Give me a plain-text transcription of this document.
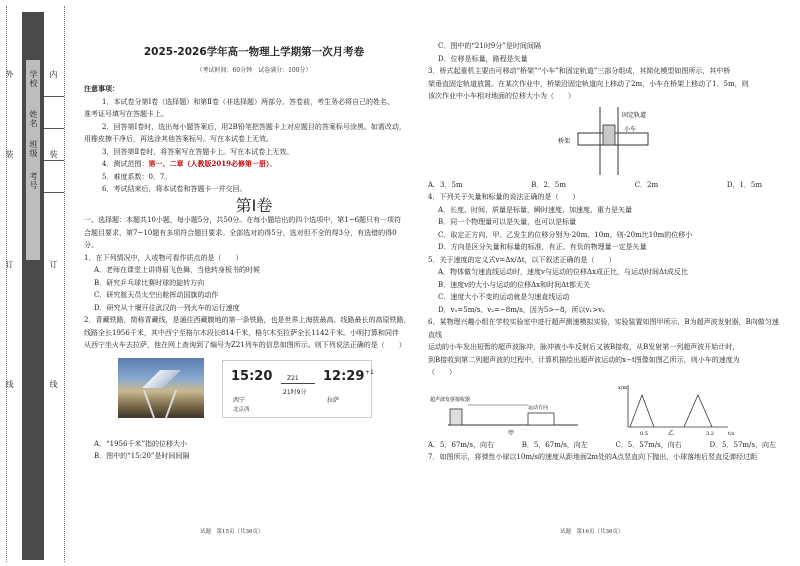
外
装
订
线
内
装
订
线
学校
姓名
班级
考号
2025-2026学年高一物理上学期第一次月考卷
（考试时间：60分钟　试卷满分：100分）
注意事项：
1．本试卷分第Ⅰ卷（选择题）和第Ⅱ卷（非选择题）两部分。答卷前，考生务必将自己的姓名、
准考证号填写在答题卡上。
2．回答第Ⅰ卷时，选出每小题答案后，用2B铅笔把答题卡上对应题目的答案标号涂黑。如需改动，
用橡皮擦干净后，再选涂其他答案标号。写在本试卷上无效。
3．回答第Ⅱ卷时，将答案写在答题卡上。写在本试卷上无效。
4．测试范围：第一、二章（人教版2019必修第一册）。
5．难度系数：0．7。
6．考试结束后，将本试卷和答题卡一并交回。
第Ⅰ卷
一、选择题：本题共10小题，每小题5分，共50分。在每小题给出的四个选项中，第1~6题只有一项符
合题目要求，第7~10题有多项符合题目要求。全部选对的得5分，选对但不全的得3分，有选错的得0
分。
1．在下列情况中，人或物可看作质点的是（　　）
A．老师在课堂上讲得眉飞色舞，当他转身板书的时候
B．研究乒乓球比赛时球的旋转方向
C．研究航天员太空出舱挥动国旗的动作
D．研究从十堰开往武汉的一列火车的运行速度
2．青藏铁路，简称青藏线，是通往西藏腹地的第一条铁路，也是世界上海拔最高、线路最长的高原铁路，
线路全长1956千米，其中西宁至格尔木段长814千米，格尔木至拉萨全长1142千米。小明打算和同伴
从西宁坐火车去拉萨，他在网上查询到了编号为Z21列车的信息如图所示。则下列说法正确的是（　　）
15:20 Z21
21时9分
12:29 +1
西宁	拉萨
北京西
A．“1956千米”指的位移大小
B．图中的“15:20”是时间间隔
试题　第15页（共36页）
C．图中的“21时9分”是时间间隔
D．位移是标量，路程是矢量
3．桥式起重机主要由可移动“桥架”“小车”和固定轨道”三部分组成，其简化模型如图所示，其中桥
架垂直固定轨道放置。在某次作业中，桥架沿固定轨道向上移动了2m，小车在桥架上移动了1．5m，则
该次作业中小车相对地面的位移大小为（　　）
固定轨道
桥架
小车
A．3．5m	B．2．5m	C．2m	D．1．5m
4．下列关于矢量和标量的说法正确的是（　　）
A．长度、时间、质量是标量，瞬时速度、加速度、重力是矢量
B．同一个物理量可以是矢量，也可以是标量
C．取定正方向，甲、乙发生的位移分别为-20m、10m，则-20m比10m的位移小
D．方向是区分矢量和标量的标准，有正、有负的物理量一定是矢量
5．关于速度的定义式v=Δx/Δt，以下叙述正确的是（　　）
A．物体做匀速直线运动时，速度v与运动的位移Δx成正比，与运动时间Δt成反比
B．速度v的大小与运动的位移Δx和时间Δt都无关
C．速度大小不变的运动就是匀速直线运动
D．v₁=5m/s、v₂=−8m/s，因为5>−8，所以v₁>v₂
6．某物理兴趣小组在学校实验室中进行超声测速模拟实验，实验装置如图甲所示，B为超声波发射器，B向做匀速直线
运动的小车发出短暂的超声波脉冲，脉冲被小车反射后又被B接收，从B发射第一列超声波开始计时，
到B接收到第二列超声波的过程中，计算机描绘出超声波运动的x−t图像如图乙所示，则小车的速度为
（　　）
超声波发射接收器
运动方向
甲
x/m
t/s
0.5	3.2
乙
A．5．67m/s，向右	B．5．67m/s，向左	C．5．57m/s，向右	D．5．57m/s，向左
7．如图所示，将弹性小球以10m/s的速度从距地面2m处的A点竖直向下抛出，小球落地后竖直反弹经过距
试题　第16页（共36页）
